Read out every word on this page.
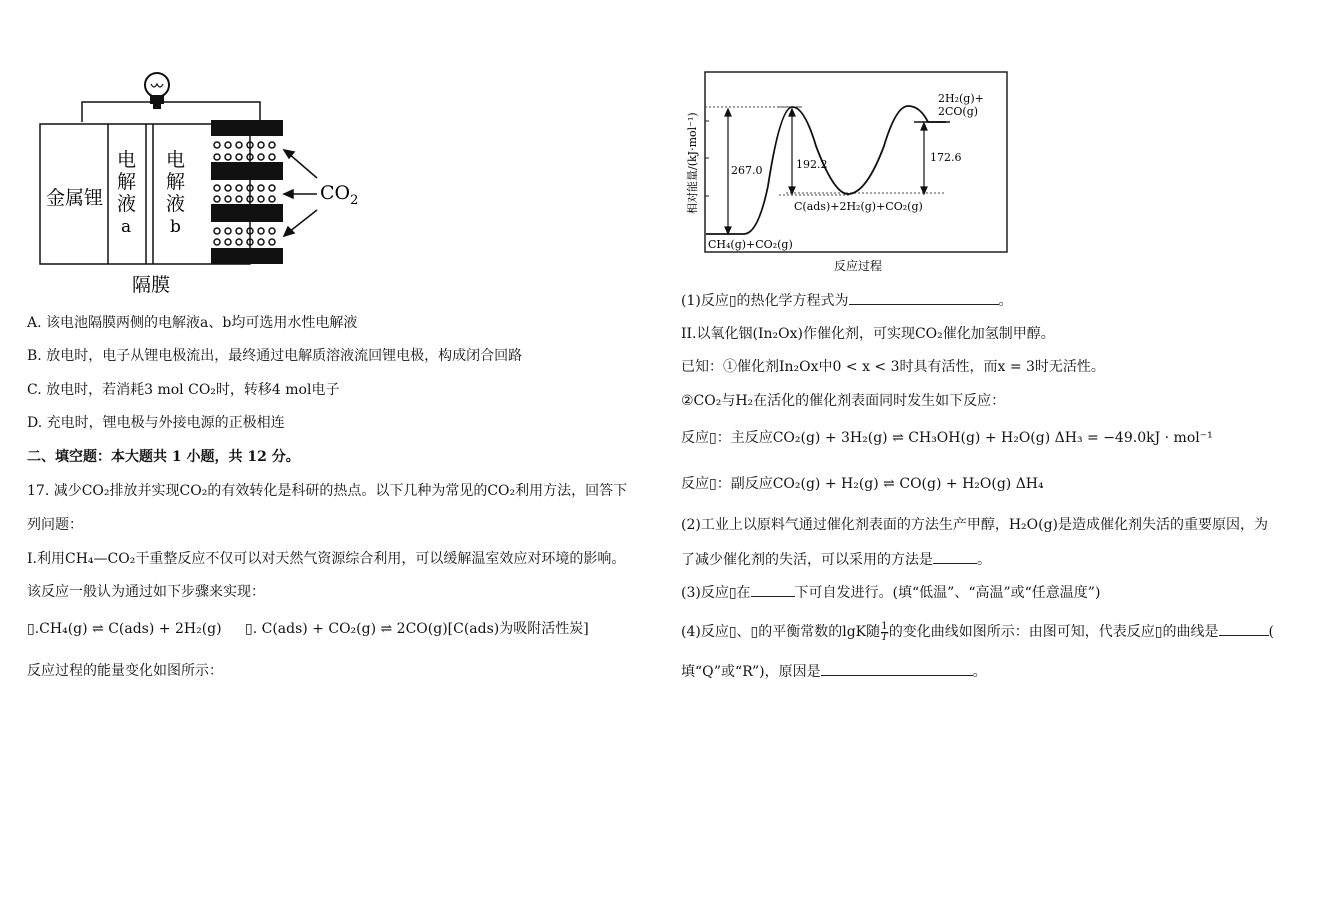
金属锂
电
解
液
a
电
解
液
b
$CO_2$
隔膜
A. 该电池隔膜两侧的电解液a、b均可选用水性电解液
B. 放电时，电子从锂电极流出，最终通过电解质溶液流回锂电极，构成闭合回路
C. 放电时，若消耗3 mol CO₂时，转移4 mol电子
D. 充电时，锂电极与外接电源的正极相连
二、填空题：本大题共 1 小题，共 12 分。
17. 减少CO₂排放并实现CO₂的有效转化是科研的热点。以下几种为常见的CO₂利用方法，回答下
列问题：
I.利用CH₄—CO₂干重整反应不仅可以对天然气资源综合利用，可以缓解温室效应对环境的影响。
该反应一般认为通过如下步骤来实现：
▯.CH₄(g) ⇌ C(ads) + 2H₂(g) ▯. C(ads) + CO₂(g) ⇌ 2CO(g)[C(ads)为吸附活性炭]
反应过程的能量变化如图所示：
相对能量/(kJ·mol⁻¹)
反应过程
CH₄(g)+CO₂(g)
C(ads)+2H₂(g)+CO₂(g)
2H₂(g)+
2CO(g)
267.0	192.2
172.6
(1)反应▯的热化学方程式为	。
II.以氧化铟(In₂Ox)作催化剂，可实现CO₂催化加氢制甲醇。
已知：①催化剂In₂Ox中0 < x < 3时具有活性，而x = 3时无活性。
②CO₂与H₂在活化的催化剂表面同时发生如下反应：
反应▯：主反应CO₂(g) + 3H₂(g) ⇌ CH₃OH(g) + H₂O(g) ΔH₃ = −49.0kJ · mol⁻¹
反应▯：副反应CO₂(g) + H₂(g) ⇌ CO(g) + H₂O(g) ΔH₄
(2)工业上以原料气通过催化剂表面的方法生产甲醇，H₂O(g)是造成催化剂失活的重要原因，为
了减少催化剂的失活，可以采用的方法是	。
(3)反应▯在	下可自发进行。(填“低温”、“高温”或“任意温度”)
(4)反应▯、▯的平衡常数的lgK随 $\frac{1}{T}$ 的变化曲线如图所示：由图可知，代表反应▯的曲线是	(
填“Q”或“R”)，原因是	。
